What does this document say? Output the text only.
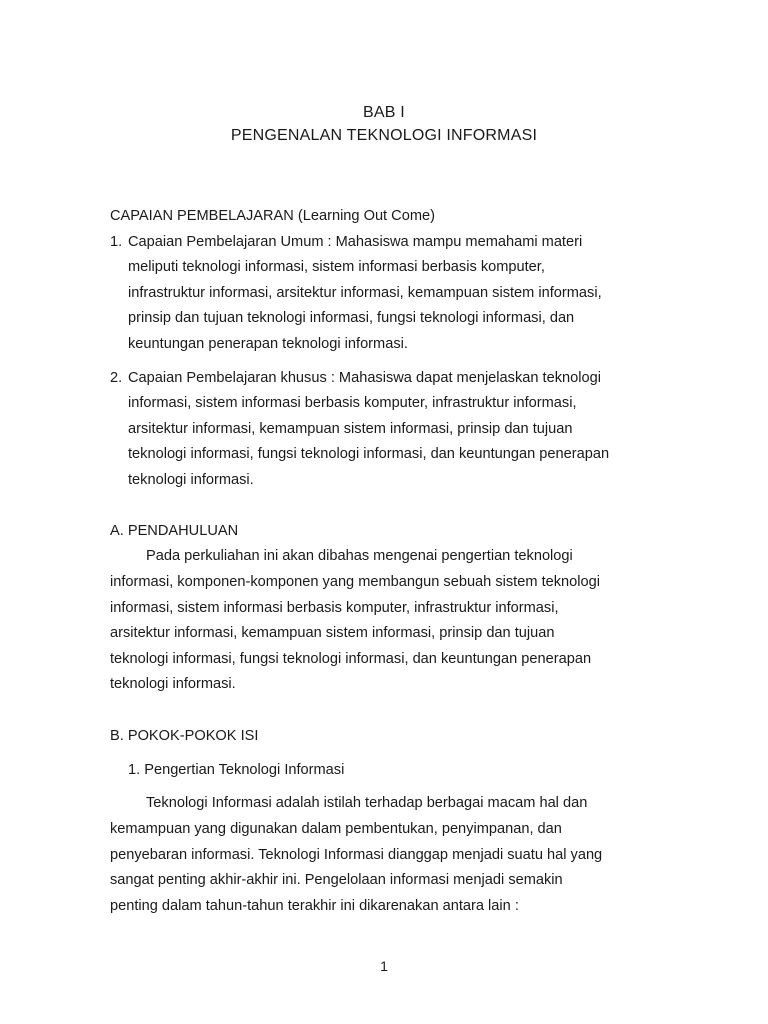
BAB I
PENGENALAN TEKNOLOGI INFORMASI
CAPAIAN PEMBELAJARAN (Learning Out Come)
1. Capaian Pembelajaran Umum : Mahasiswa mampu memahami materi
meliputi teknologi informasi, sistem informasi berbasis komputer,
infrastruktur informasi, arsitektur informasi, kemampuan sistem informasi,
prinsip dan tujuan teknologi informasi, fungsi teknologi informasi, dan
keuntungan penerapan teknologi informasi.
2. Capaian Pembelajaran khusus : Mahasiswa dapat menjelaskan teknologi
informasi, sistem informasi berbasis komputer, infrastruktur informasi,
arsitektur informasi, kemampuan sistem informasi, prinsip dan tujuan
teknologi informasi, fungsi teknologi informasi, dan keuntungan penerapan
teknologi informasi.
A. PENDAHULUAN
Pada perkuliahan ini akan dibahas mengenai pengertian teknologi
informasi, komponen-komponen yang membangun sebuah sistem teknologi
informasi, sistem informasi berbasis komputer, infrastruktur informasi,
arsitektur informasi, kemampuan sistem informasi, prinsip dan tujuan
teknologi informasi, fungsi teknologi informasi, dan keuntungan penerapan
teknologi informasi.
B. POKOK-POKOK ISI
1. Pengertian Teknologi Informasi
Teknologi Informasi adalah istilah terhadap berbagai macam hal dan
kemampuan yang digunakan dalam pembentukan, penyimpanan, dan
penyebaran informasi. Teknologi Informasi dianggap menjadi suatu hal yang
sangat penting akhir-akhir ini. Pengelolaan informasi menjadi semakin
penting dalam tahun-tahun terakhir ini dikarenakan antara lain :
1
